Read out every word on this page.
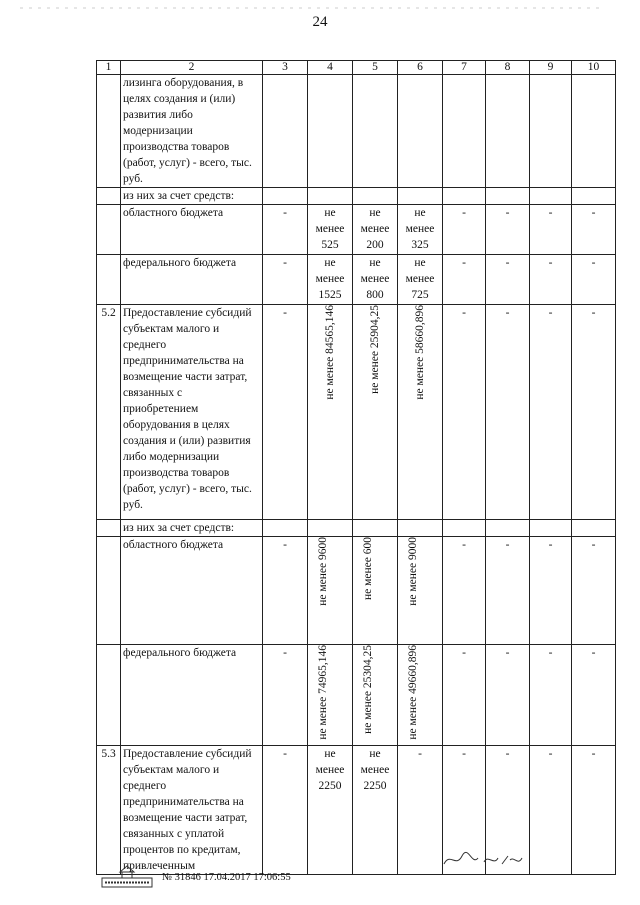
24
1	2	3	4	5	6	7	8	9	10
	лизинга оборудования, в целях создания и (или) развития либо модернизации производства товаров (работ, услуг) - всего, тыс. руб.								
	из них за счет средств:								
	областного бюджета	-	не менее 525	не менее 200	не менее 325	-	-	-	-
	федерального бюджета	-	не менее 1525	не менее 800	не менее 725	-	-	-	-
5.2	Предоставление субсидий субъектам малого и среднего предпринимательства на возмещение части затрат, связанных с приобретением оборудования в целях создания и (или) развития либо модернизации производства товаров (работ, услуг) - всего, тыс. руб.	-	не менее 84565,146	не менее 25904,25	не менее 58660,896	-	-	-	-
	из них за счет средств:								
	областного бюджета	-	не менее 9600	не менее 600	не менее 9000	-	-	-	-
	федерального бюджета	-	не менее 74965,146	не менее 25304,25	не менее 49660,896	-	-	-	-
5.3	Предоставление субсидий субъектам малого и среднего предпринимательства на возмещение части затрат, связанных с уплатой процентов по кредитам, привлеченным	-	не менее 2250	не менее 2250	-	-	-	-	-
№ 31846 17.04.2017 17:06:55
